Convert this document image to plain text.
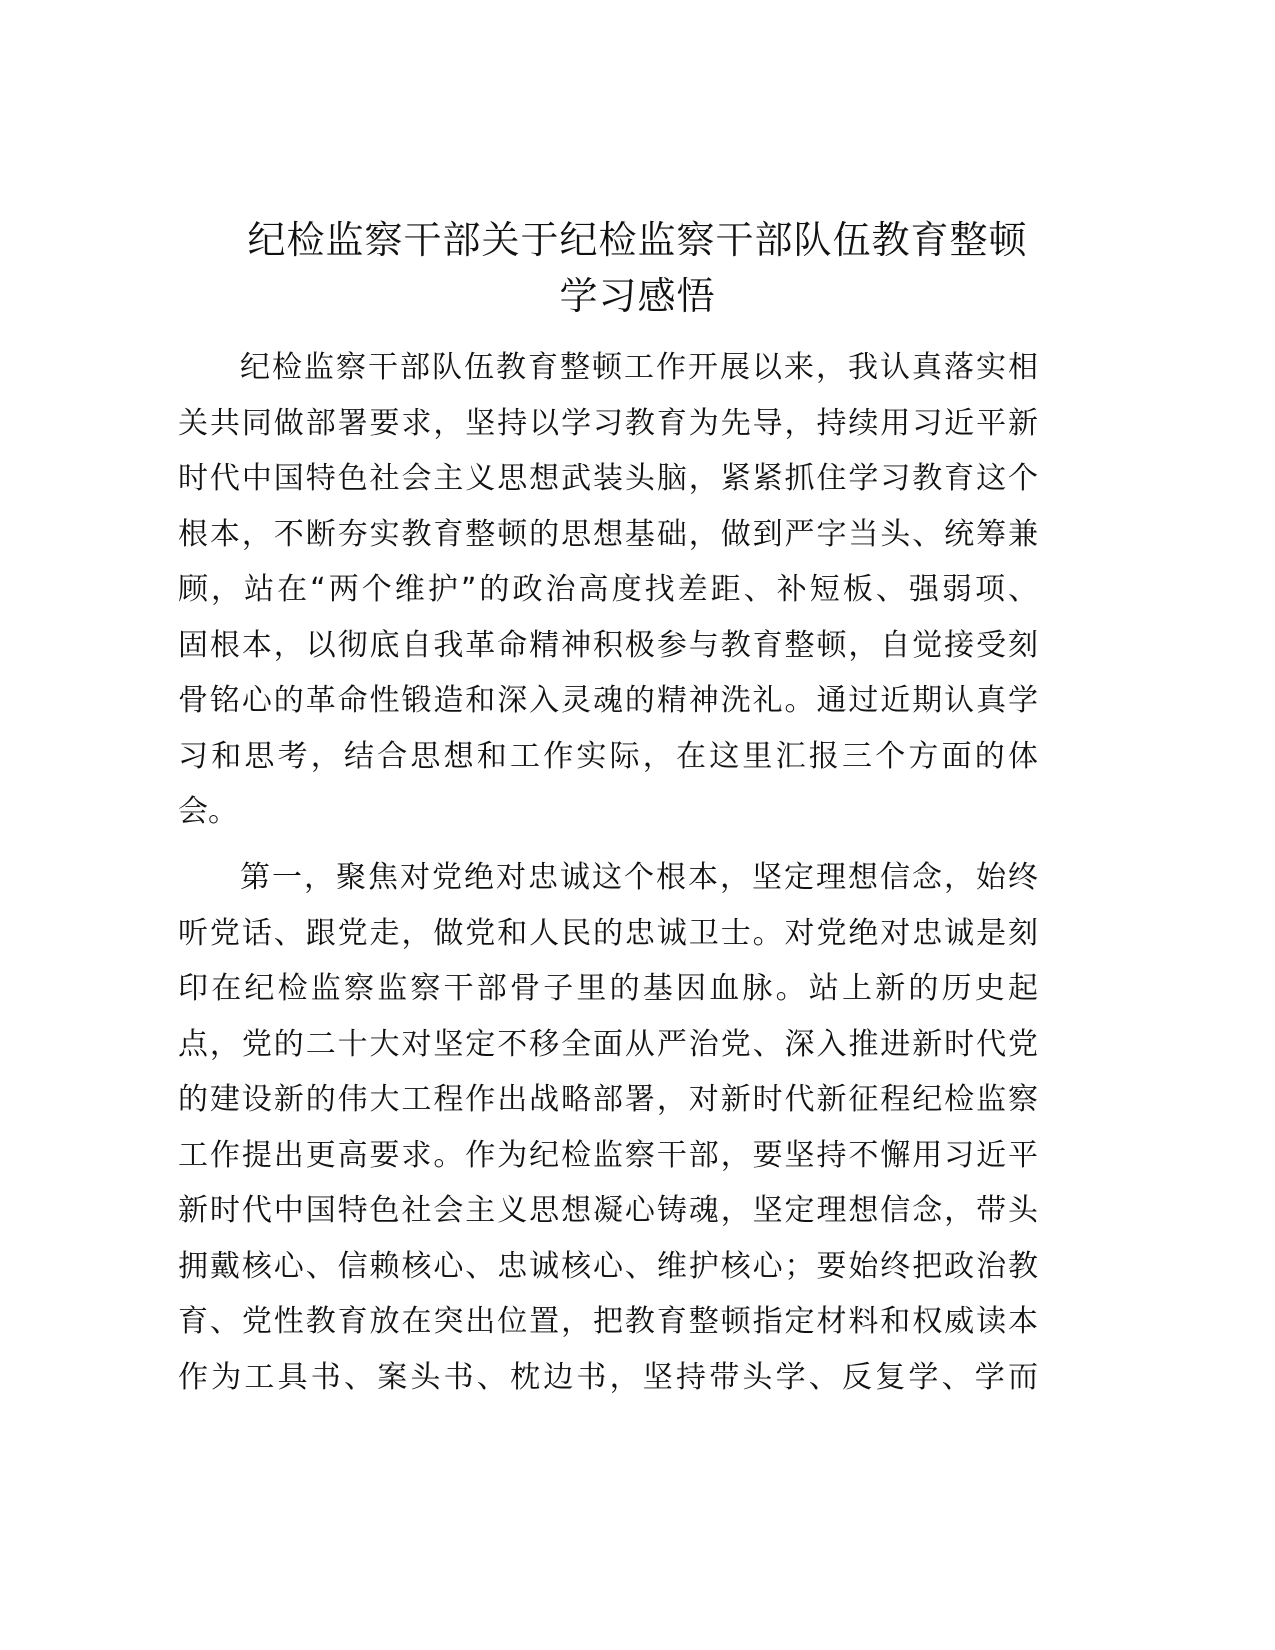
纪检监察干部关于纪检监察干部队伍教育整顿
学习感悟
纪检监察干部队伍教育整顿工作开展以来，我认真落实相
关共同做部署要求，坚持以学习教育为先导，持续用习近平新
时代中国特色社会主义思想武装头脑，紧紧抓住学习教育这个
根本，不断夯实教育整顿的思想基础，做到严字当头、统筹兼
顾，站在“两个维护”的政治高度找差距、补短板、强弱项、
固根本，以彻底自我革命精神积极参与教育整顿，自觉接受刻
骨铭心的革命性锻造和深入灵魂的精神洗礼。通过近期认真学
习和思考，结合思想和工作实际，在这里汇报三个方面的体
会。
第一，聚焦对党绝对忠诚这个根本，坚定理想信念，始终
听党话、跟党走，做党和人民的忠诚卫士。对党绝对忠诚是刻
印在纪检监察监察干部骨子里的基因血脉。站上新的历史起
点，党的二十大对坚定不移全面从严治党、深入推进新时代党
的建设新的伟大工程作出战略部署，对新时代新征程纪检监察
工作提出更高要求。作为纪检监察干部，要坚持不懈用习近平
新时代中国特色社会主义思想凝心铸魂，坚定理想信念，带头
拥戴核心、信赖核心、忠诚核心、维护核心；要始终把政治教
育、党性教育放在突出位置，把教育整顿指定材料和权威读本
作为工具书、案头书、枕边书，坚持带头学、反复学、学而
